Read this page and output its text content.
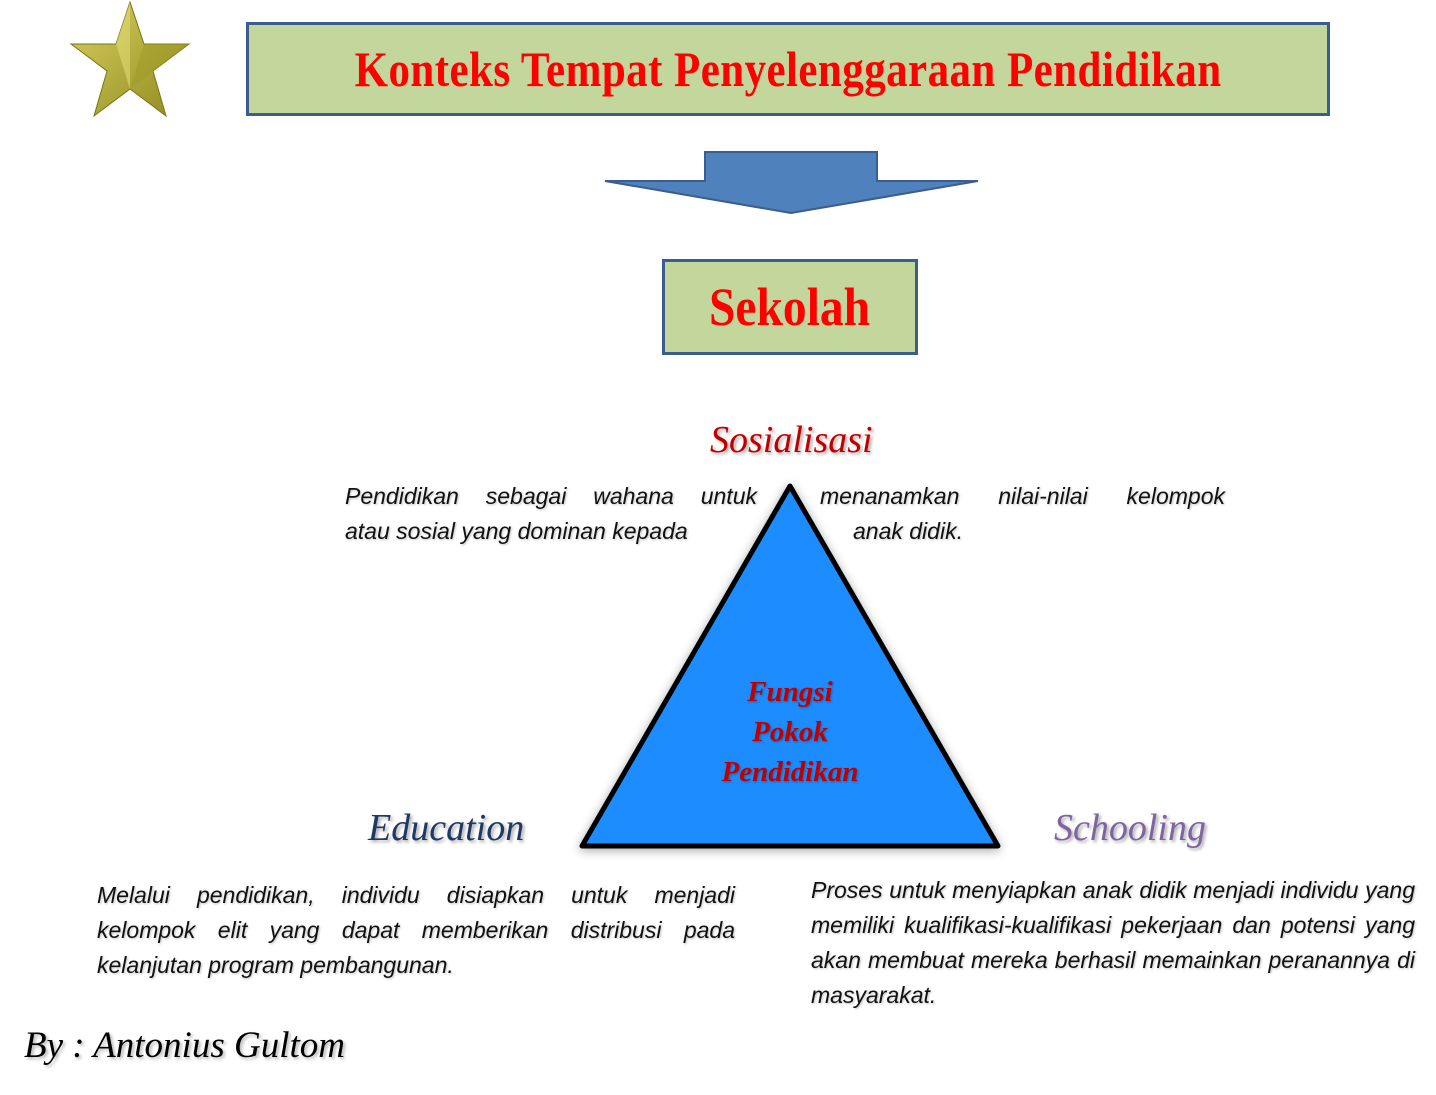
Konteks Tempat Penyelenggaraan Pendidikan
Sekolah
Fungsi
Pokok
Pendidikan
Sosialisasi
Education	Schooling
Pendidikan sebagai wahana untuk
atau sosial yang dominan kepada
menanamkan nilai-nilai kelompok
anak didik.
Melalui pendidikan, individu disiapkan untuk menjadi kelompok elit yang dapat memberikan distribusi pada kelanjutan program pembangunan.
Proses untuk menyiapkan anak didik menjadi individu yang memiliki kualifikasi-kualifikasi pekerjaan dan potensi yang akan membuat mereka berhasil memainkan peranannya di masyarakat.
By : Antonius Gultom
